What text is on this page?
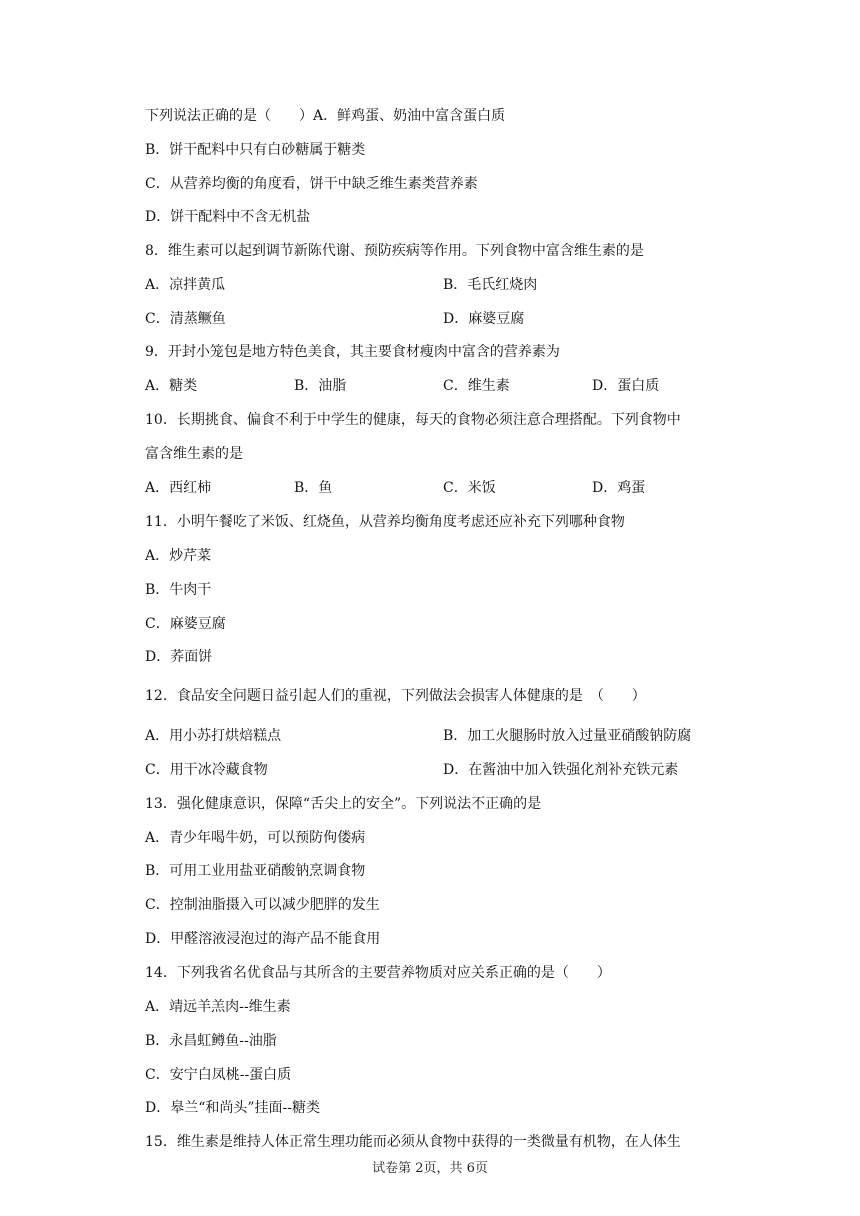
下列说法正确的是（　　）A．鲜鸡蛋、奶油中富含蛋白质
B．饼干配料中只有白砂糖属于糖类
C．从营养均衡的角度看，饼干中缺乏维生素类营养素
D．饼干配料中不含无机盐
8．维生素可以起到调节新陈代谢、预防疾病等作用。下列食物中富含维生素的是
A．凉拌黄瓜	B．毛氏红烧肉
C．清蒸鳜鱼	D．麻婆豆腐
9．开封小笼包是地方特色美食，其主要食材瘦肉中富含的营养素为
A．糖类	B．油脂	C．维生素	D．蛋白质
10．长期挑食、偏食不利于中学生的健康，每天的食物必须注意合理搭配。下列食物中
富含维生素的是
A．西红柿	B．鱼	C．米饭	D．鸡蛋
11．小明午餐吃了米饭、红烧鱼，从营养均衡角度考虑还应补充下列哪种食物
A．炒芹菜
B．牛肉干
C．麻婆豆腐
D．荞面饼
12．食品安全问题日益引起人们的重视，下列做法会损害人体健康的是　（　　）
A．用小苏打烘焙糕点	B．加工火腿肠时放入过量亚硝酸钠防腐
C．用干冰冷藏食物	D．在酱油中加入铁强化剂补充铁元素
13．强化健康意识，保障“舌尖上的安全”。下列说法不正确的是
A．青少年喝牛奶，可以预防佝偻病
B．可用工业用盐亚硝酸钠烹调食物
C．控制油脂摄入可以减少肥胖的发生
D．甲醛溶液浸泡过的海产品不能食用
14．下列我省名优食品与其所含的主要营养物质对应关系正确的是（　　）
A．靖远羊羔肉--维生素
B．永昌虹鳟鱼--油脂
C．安宁白凤桃--蛋白质
D．皋兰“和尚头”挂面--糖类
15．维生素是维持人体正常生理功能而必须从食物中获得的一类微量有机物，在人体生
试卷第 2页，共 6页
